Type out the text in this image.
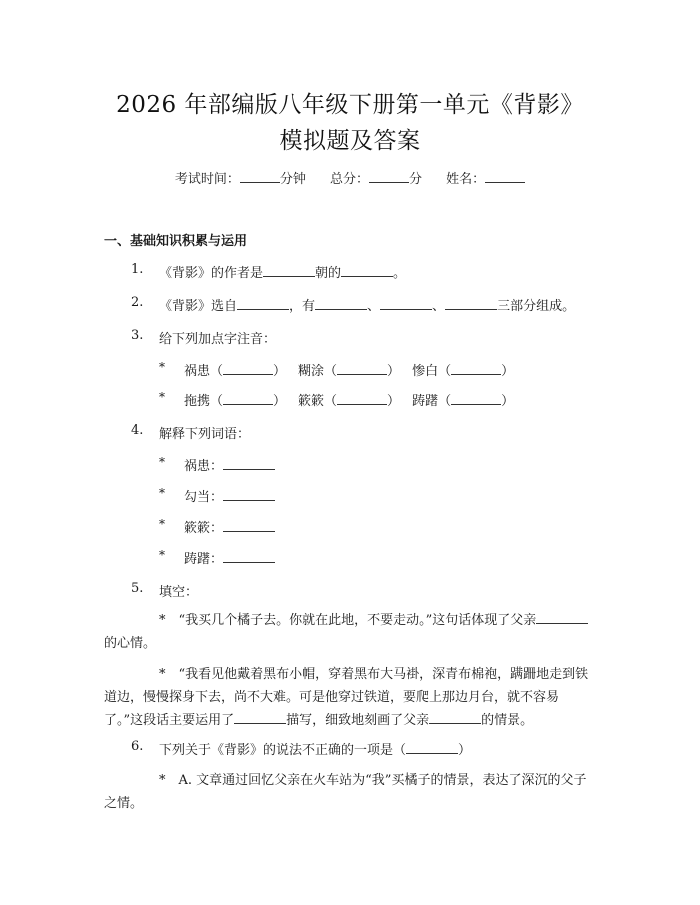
2026 年部编版八年级下册第一单元《背影》
模拟题及答案
考试时间：	分钟 总分：	分 姓名：
一、基础知识积累与运用
1. 《背影》的作者是	朝的	。
2. 《背影》选自	，有	、	、	三部分组成。
3. 给下列加点字注音：
* 祸患（	） 糊涂（	） 惨白（	）
* 拖携（	） 簌簌（	） 踌躇（	）
4. 解释下列词语：
* 祸患：
* 勾当：
* 簌簌：
* 踌躇：
5. 填空：
*　“我买几个橘子去。你就在此地，不要走动。”这句话体现了父亲的心情。
*　“我看见他戴着黑布小帽，穿着黑布大马褂，深青布棉袍，蹒跚地走到铁道边，慢慢探身下去，尚不大难。可是他穿过铁道，要爬上那边月台，就不容易了。”这段话主要运用了	描写，细致地刻画了父亲	的情景。
6. 下列关于《背影》的说法不正确的一项是（	）
*　A. 文章通过回忆父亲在火车站为“我”买橘子的情景，表达了深沉的父子之情。
